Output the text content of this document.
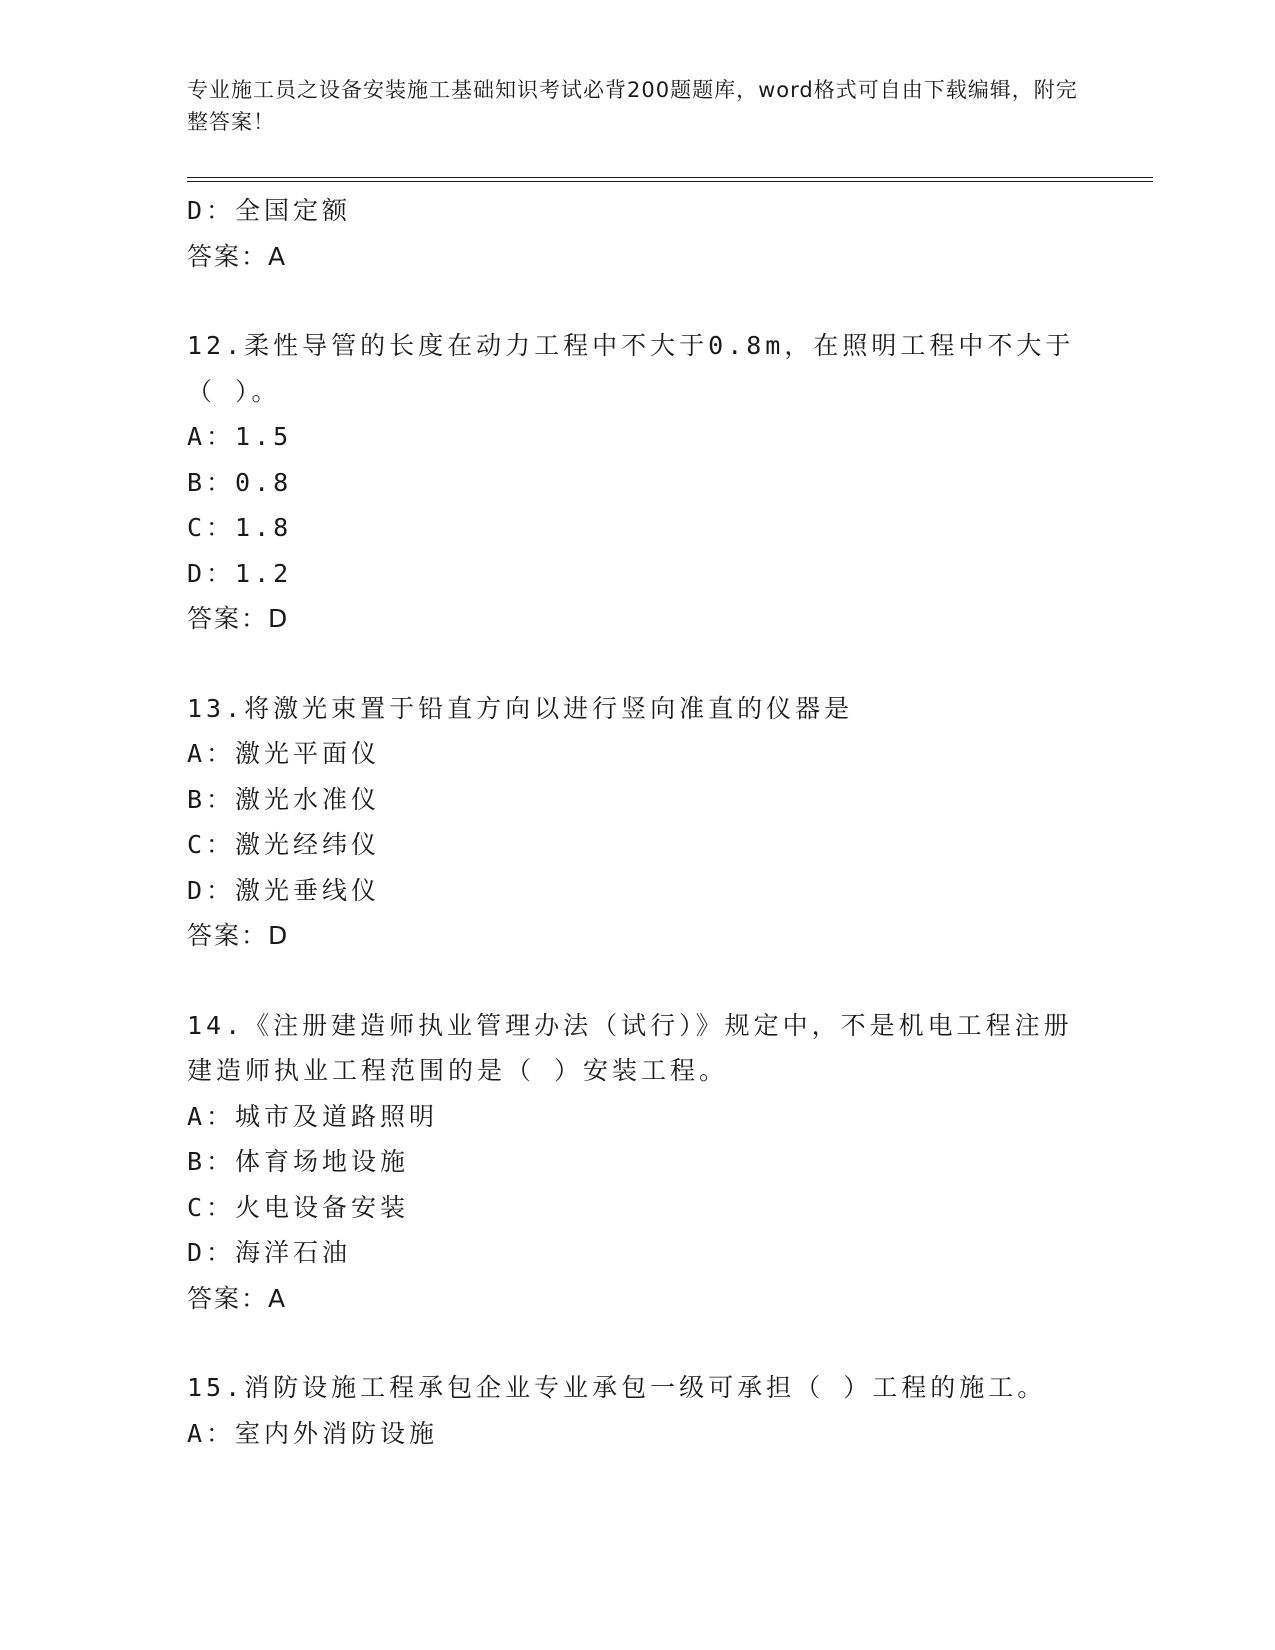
专业施工员之设备安装施工基础知识考试必背200题题库，word格式可自由下载编辑，附完整答案！
D：全国定额
答案：A
12.柔性导管的长度在动力工程中不大于0.8m，在照明工程中不大于（ ）。
A：1.5
B：0.8
C：1.8
D：1.2
答案：D
13.将激光束置于铅直方向以进行竖向准直的仪器是
A：激光平面仪
B：激光水准仪
C：激光经纬仪
D：激光垂线仪
答案：D
14.《注册建造师执业管理办法（试行）》规定中，不是机电工程注册建造师执业工程范围的是（ ）安装工程。
A：城市及道路照明
B：体育场地设施
C：火电设备安装
D：海洋石油
答案：A
15.消防设施工程承包企业专业承包一级可承担（ ）工程的施工。
A：室内外消防设施
